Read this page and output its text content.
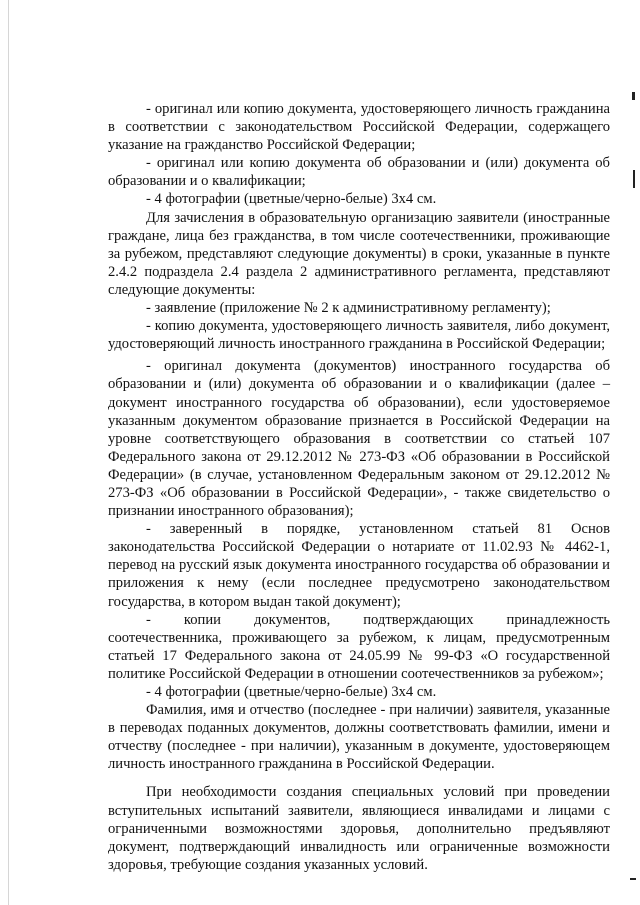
- оригинал или копию документа, удостоверяющего личность гражданина в соответствии с законодательством Российской Федерации, содержащего указание на гражданство Российской Федерации;

- оригинал или копию документа об образовании и (или) документа об образовании и о квалификации;

- 4 фотографии (цветные/черно-белые) 3х4 см.

Для зачисления в образовательную организацию заявители (иностранные граждане, лица без гражданства, в том числе соотечественники, проживающие за рубежом, представляют следующие документы) в сроки, указанные в пункте 2.4.2 подраздела 2.4 раздела 2 административного регламента, представляют следующие документы:

- заявление (приложение № 2 к административному регламенту);

- копию документа, удостоверяющего личность заявителя, либо документ, удостоверяющий личность иностранного гражданина в Российской Федерации;

- оригинал документа (документов) иностранного государства об образовании и (или) документа об образовании и о квалификации (далее – документ иностранного государства об образовании), если удостоверяемое указанным документом образование признается в Российской Федерации на уровне соответствующего образования в соответствии со статьей 107 Федерального закона от 29.12.2012 № 273-ФЗ «Об образовании в Российской Федерации» (в случае, установленном Федеральным законом от 29.12.2012 № 273-ФЗ «Об образовании в Российской Федерации», - также свидетельство о признании иностранного образования);

- заверенный в порядке, установленном статьей 81 Основ законодательства Российской Федерации о нотариате от 11.02.93 № 4462-1, перевод на русский язык документа иностранного государства об образовании и приложения к нему (если последнее предусмотрено законодательством государства, в котором выдан такой документ);

- копии документов, подтверждающих принадлежность соотечественника, проживающего за рубежом, к лицам, предусмотренным статьей 17 Федерального закона от 24.05.99 № 99-ФЗ «О государственной политике Российской Федерации в отношении соотечественников за рубежом»;

- 4 фотографии (цветные/черно-белые) 3х4 см.

Фамилия, имя и отчество (последнее - при наличии) заявителя, указанные в переводах поданных документов, должны соответствовать фамилии, имени и отчеству (последнее - при наличии), указанным в документе, удостоверяющем личность иностранного гражданина в Российской Федерации.

При необходимости создания специальных условий при проведении вступительных испытаний заявители, являющиеся инвалидами и лицами с ограниченными возможностями здоровья, дополнительно предъявляют документ, подтверждающий инвалидность или ограниченные возможности здоровья, требующие создания указанных условий.
